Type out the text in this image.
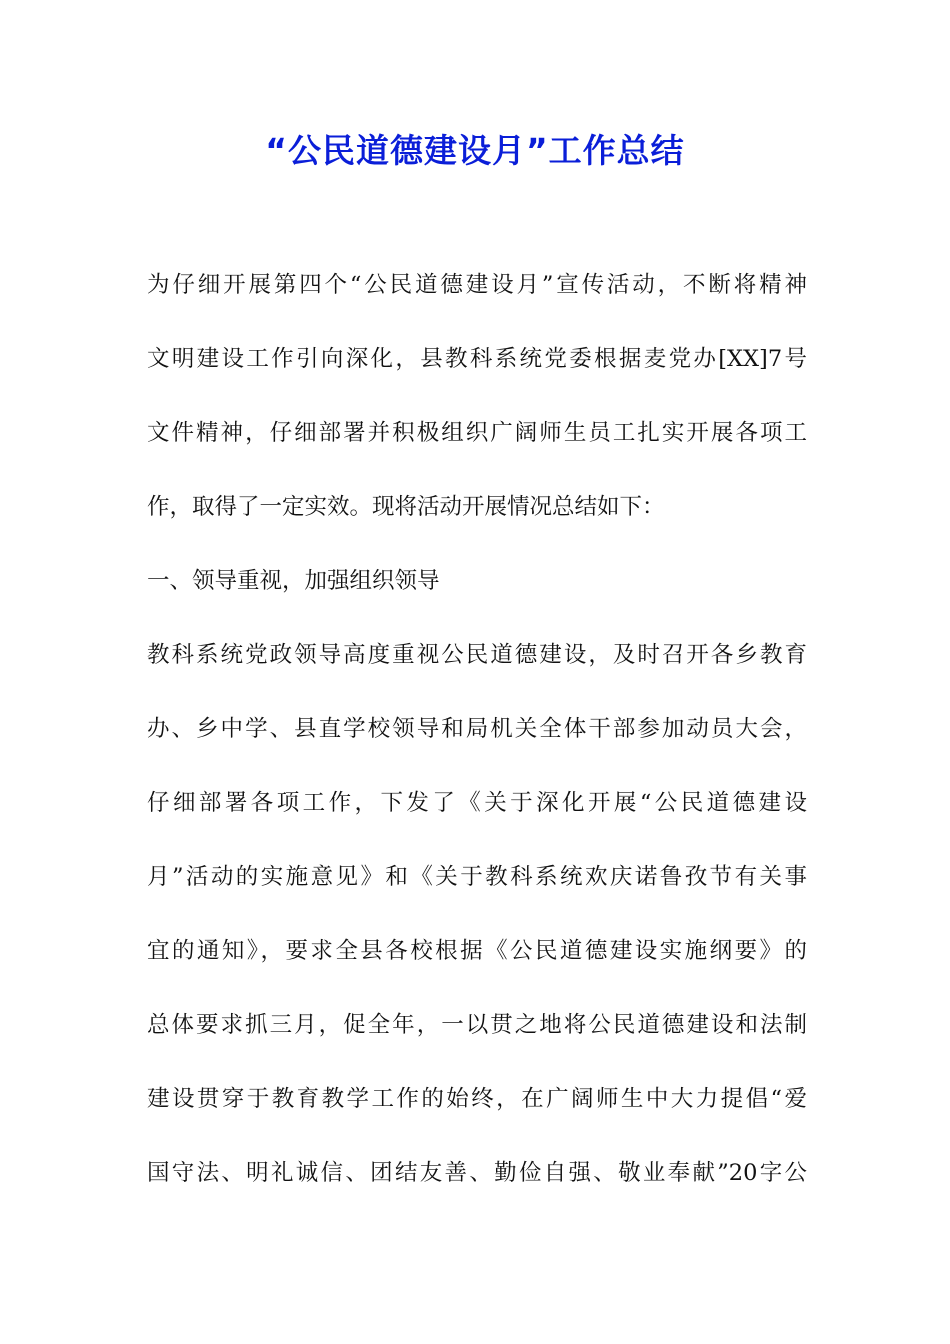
“公民道德建设月”工作总结
为仔细开展第四个“公民道德建设月”宣传活动，不断将精神
文明建设工作引向深化，县教科系统党委根据麦党办[XX]7号
文件精神，仔细部署并积极组织广阔师生员工扎实开展各项工
作，取得了一定实效。现将活动开展情况总结如下：
一、领导重视，加强组织领导
教科系统党政领导高度重视公民道德建设，及时召开各乡教育
办、乡中学、县直学校领导和局机关全体干部参加动员大会，
仔细部署各项工作，下发了《关于深化开展“公民道德建设
月”活动的实施意见》和《关于教科系统欢庆诺鲁孜节有关事
宜的通知》，要求全县各校根据《公民道德建设实施纲要》的
总体要求抓三月，促全年，一以贯之地将公民道德建设和法制
建设贯穿于教育教学工作的始终，在广阔师生中大力提倡“爱
国守法、明礼诚信、团结友善、勤俭自强、敬业奉献”20字公
